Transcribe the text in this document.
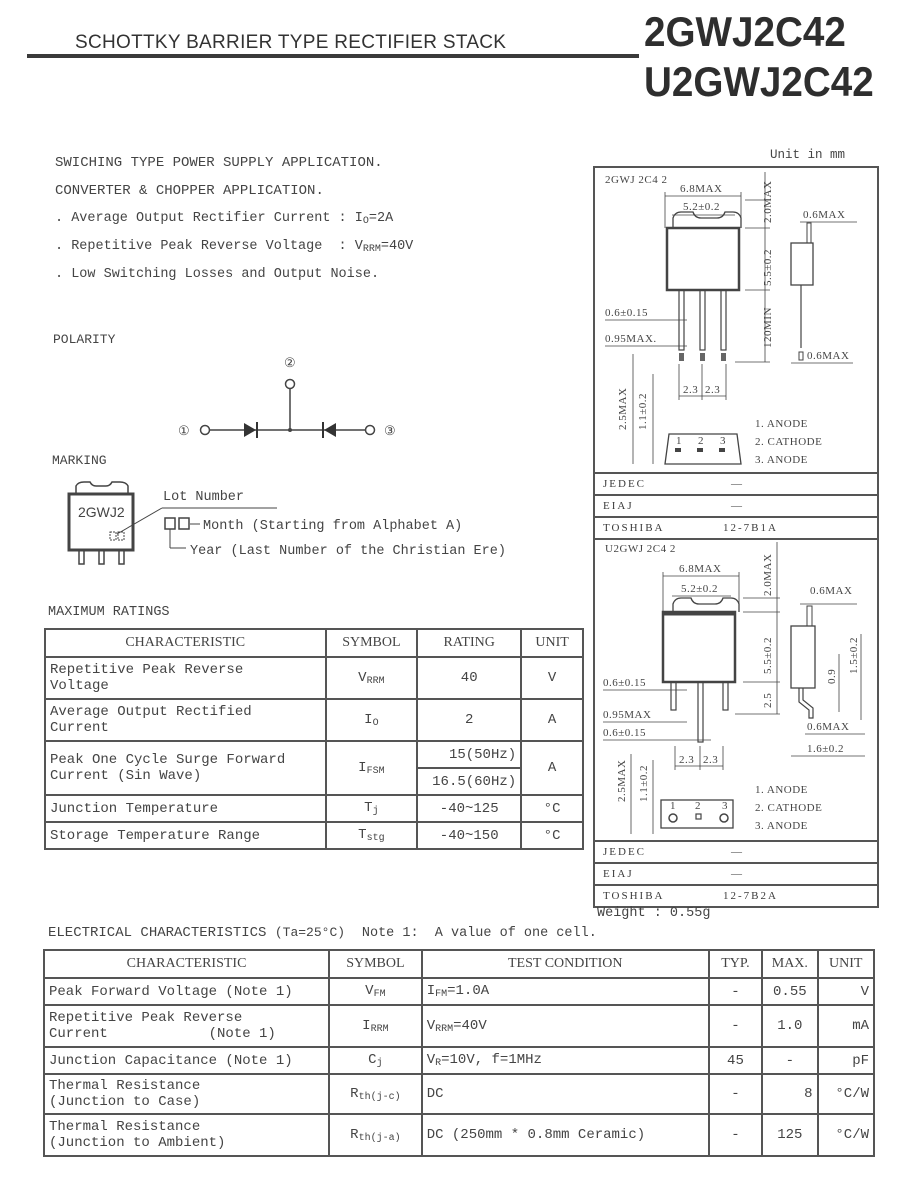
SCHOTTKY BARRIER TYPE RECTIFIER STACK	2GWJ2C42
U2GWJ2C42
SWICHING TYPE POWER SUPPLY APPLICATION.
CONVERTER & CHOPPER APPLICATION.
. Average Output Rectifier Current : $I_O=2A$
. Repetitive Peak Reverse Voltage  : $V_{RRM}=40V$
. Low Switching Losses and Output Noise.
POLARITY
②
①	③
MARKING
2GWJ2
Lot Number
Month (Starting from Alphabet A)
Year (Last Number of the Christian Ere)
MAXIMUM RATINGS
CHARACTERISTIC	SYMBOL	RATING	UNIT

Repetitive Peak Reverse
Voltage	$V_{RRM}$	40	V

Average Output Rectified
Current	$I_O$	2	A

Peak One Cycle Surge Forward
Current (Sin Wave)	$I_{FSM}$	15(50Hz)	A
		16.5(60Hz)	
Junction Temperature	$T_j$	-40~125	°C
Storage Temperature Range	$T_{stg}$	-40~150	°C
Unit in mm
2GWJ 2C4 2
6.8MAX
5.2±0.2	2.0MAX
5.5±0.2
120MIN
0.6MAX
0.6MAX
0.6±0.15
0.95MAX.
2.3 2.3
2.5MAX 1.1±0.2
1 2 3
1. ANODE
2. CATHODE
3. ANODE
JEDEC	—
EIAJ	—
TOSHIBA	12-7B1A
U2GWJ 2C4 2
6.8MAX
5.2±0.2	2.0MAX
5.5±0.2
2.5
0.6MAX
0.9
1.5±0.2
0.6MAX
1.6±0.2
0.6±0.15
0.95MAX
0.6±0.15
2.3 2.3
2.5MAX 1.1±0.2
1 2 3
1. ANODE
2. CATHODE
3. ANODE
JEDEC	—
EIAJ	—
TOSHIBA	12-7B2A
Weight : 0.55g
ELECTRICAL CHARACTERISTICS (Ta=25°C) Note 1:  A value of one cell.
CHARACTERISTIC	SYMBOL	TEST CONDITION	TYP.	MAX.	UNIT
Peak Forward Voltage (Note 1)	$V_{FM}$	$I_{FM}=1.0A$	-	0.55	V

Repetitive Peak Reverse
Current            (Note 1)	$I_{RRM}$	$V_{RRM}=40V$	-	1.0	mA
Junction Capacitance (Note 1)	$C_j$	$V_R=10V$, f=1MHz	45	-	pF

Thermal Resistance
(Junction to Case)	$R_{th(j-c)}$	DC	-	8	°C/W

Thermal Resistance
(Junction to Ambient)	$R_{th(j-a)}$	DC (250mm * 0.8mm Ceramic)	-	125	°C/W
